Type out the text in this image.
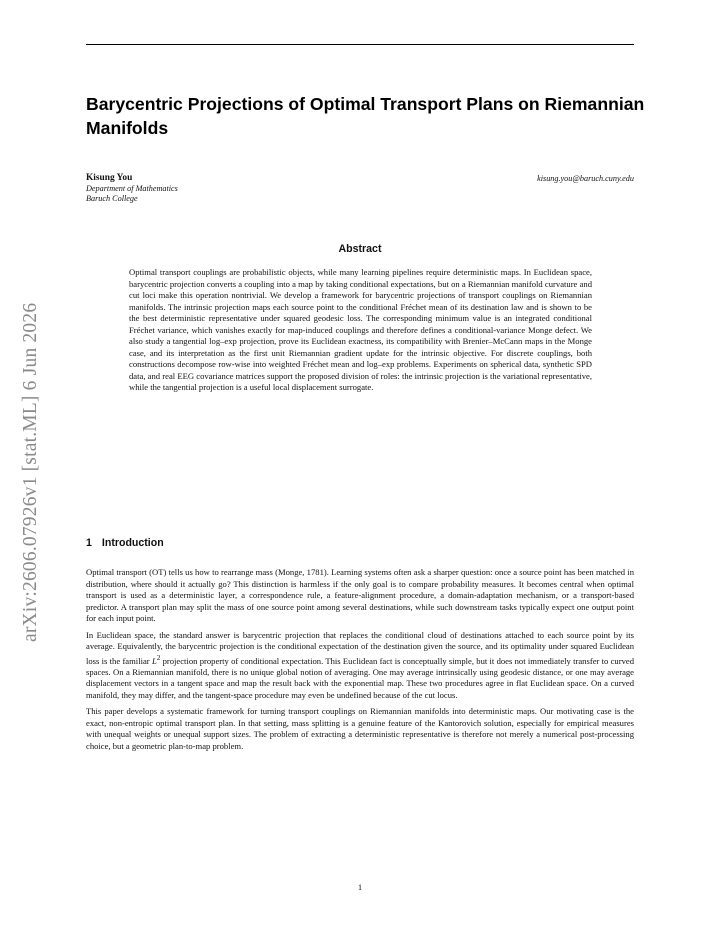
arXiv:2606.07926v1 [stat.ML] 6 Jun 2026
Barycentric Projections of Optimal Transport Plans on Riemannian Manifolds
Kisung You
Department of Mathematics
Baruch College
kisung.you@baruch.cuny.edu
Abstract

Optimal transport couplings are probabilistic objects, while many learning pipelines require deterministic maps. In Euclidean space, barycentric projection converts a coupling into a map by taking conditional expectations, but on a Riemannian manifold curvature and cut loci make this operation nontrivial. We develop a framework for barycentric projections of transport couplings on Riemannian manifolds. The intrinsic projection maps each source point to the conditional Fréchet mean of its destination law and is shown to be the best deterministic representative under squared geodesic loss. The corresponding minimum value is an integrated conditional Fréchet variance, which vanishes exactly for map-induced couplings and therefore defines a conditional-variance Monge defect. We also study a tangential log–exp projection, prove its Euclidean exactness, its compatibility with Brenier–McCann maps in the Monge case, and its interpretation as the first unit Riemannian gradient update for the intrinsic objective. For discrete couplings, both constructions decompose row-wise into weighted Fréchet mean and log–exp problems. Experiments on spherical data, synthetic SPD data, and real EEG covariance matrices support the proposed division of roles: the intrinsic projection is the variational representative, while the tangential projection is a useful local displacement surrogate.

1 Introduction

Optimal transport (OT) tells us how to rearrange mass (Monge, 1781). Learning systems often ask a sharper question: once a source point has been matched in distribution, where should it actually go? This distinction is harmless if the only goal is to compare probability measures. It becomes central when optimal transport is used as a deterministic layer, a correspondence rule, a feature-alignment procedure, a domain-adaptation mechanism, or a transport-based predictor. A transport plan may split the mass of one source point among several destinations, while such downstream tasks typically expect one output point for each input point.

In Euclidean space, the standard answer is barycentric projection that replaces the conditional cloud of destinations attached to each source point by its average. Equivalently, the barycentric projection is the conditional expectation of the destination given the source, and its optimality under squared Euclidean loss is the familiar $L^2$ projection property of conditional expectation. This Euclidean fact is conceptually simple, but it does not immediately transfer to curved spaces. On a Riemannian manifold, there is no unique global notion of averaging. One may average intrinsically using geodesic distance, or one may average displacement vectors in a tangent space and map the result back with the exponential map. These two procedures agree in flat Euclidean space. On a curved manifold, they may differ, and the tangent-space procedure may even be undefined because of the cut locus.

This paper develops a systematic framework for turning transport couplings on Riemannian manifolds into deterministic maps. Our motivating case is the exact, non-entropic optimal transport plan. In that setting, mass splitting is a genuine feature of the Kantorovich solution, especially for empirical measures with unequal weights or unequal support sizes. The problem of extracting a deterministic representative is therefore not merely a numerical post-processing choice, but a geometric plan-to-map problem.

1
